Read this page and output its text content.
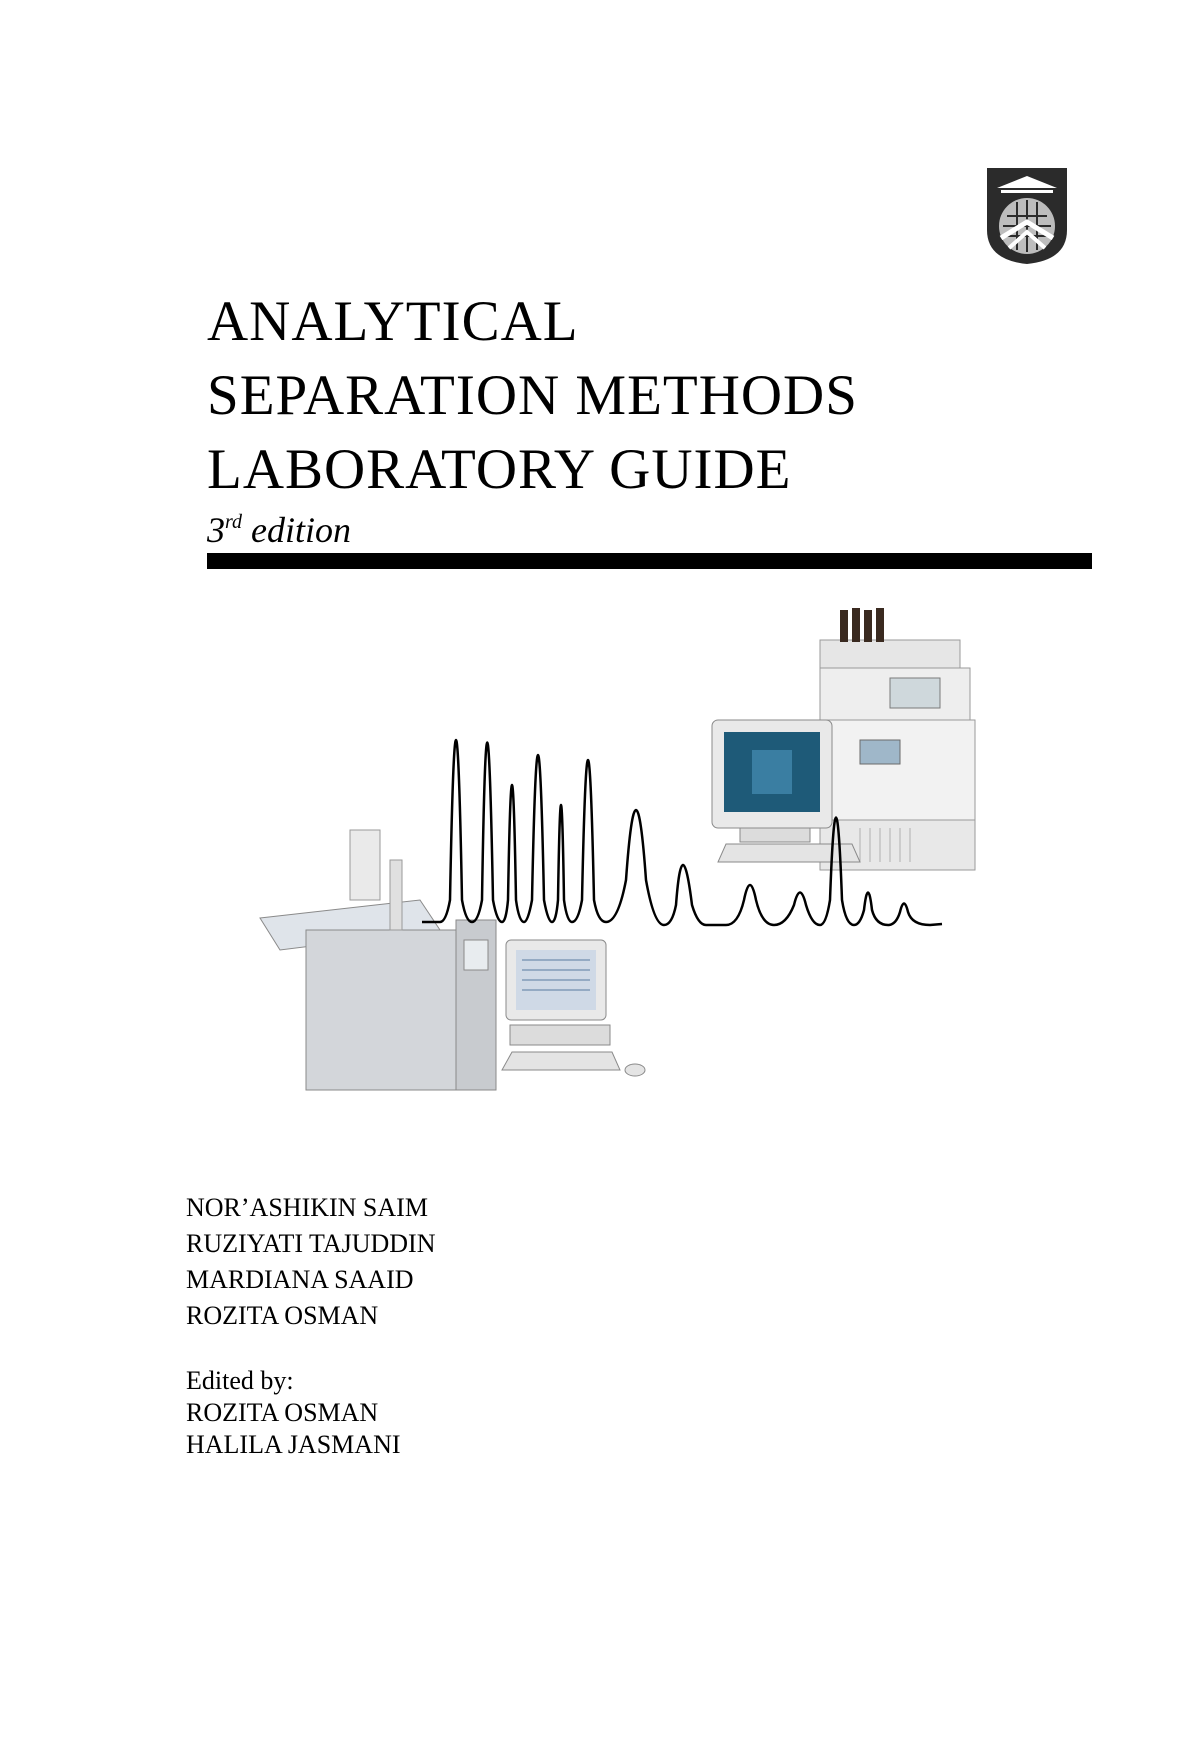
ANALYTICAL
SEPARATION METHODS
LABORATORY GUIDE
3rd edition
NOR’ASHIKIN SAIM
RUZIYATI TAJUDDIN
MARDIANA SAAID
ROZITA OSMAN
Edited by:
ROZITA OSMAN
HALILA JASMANI
